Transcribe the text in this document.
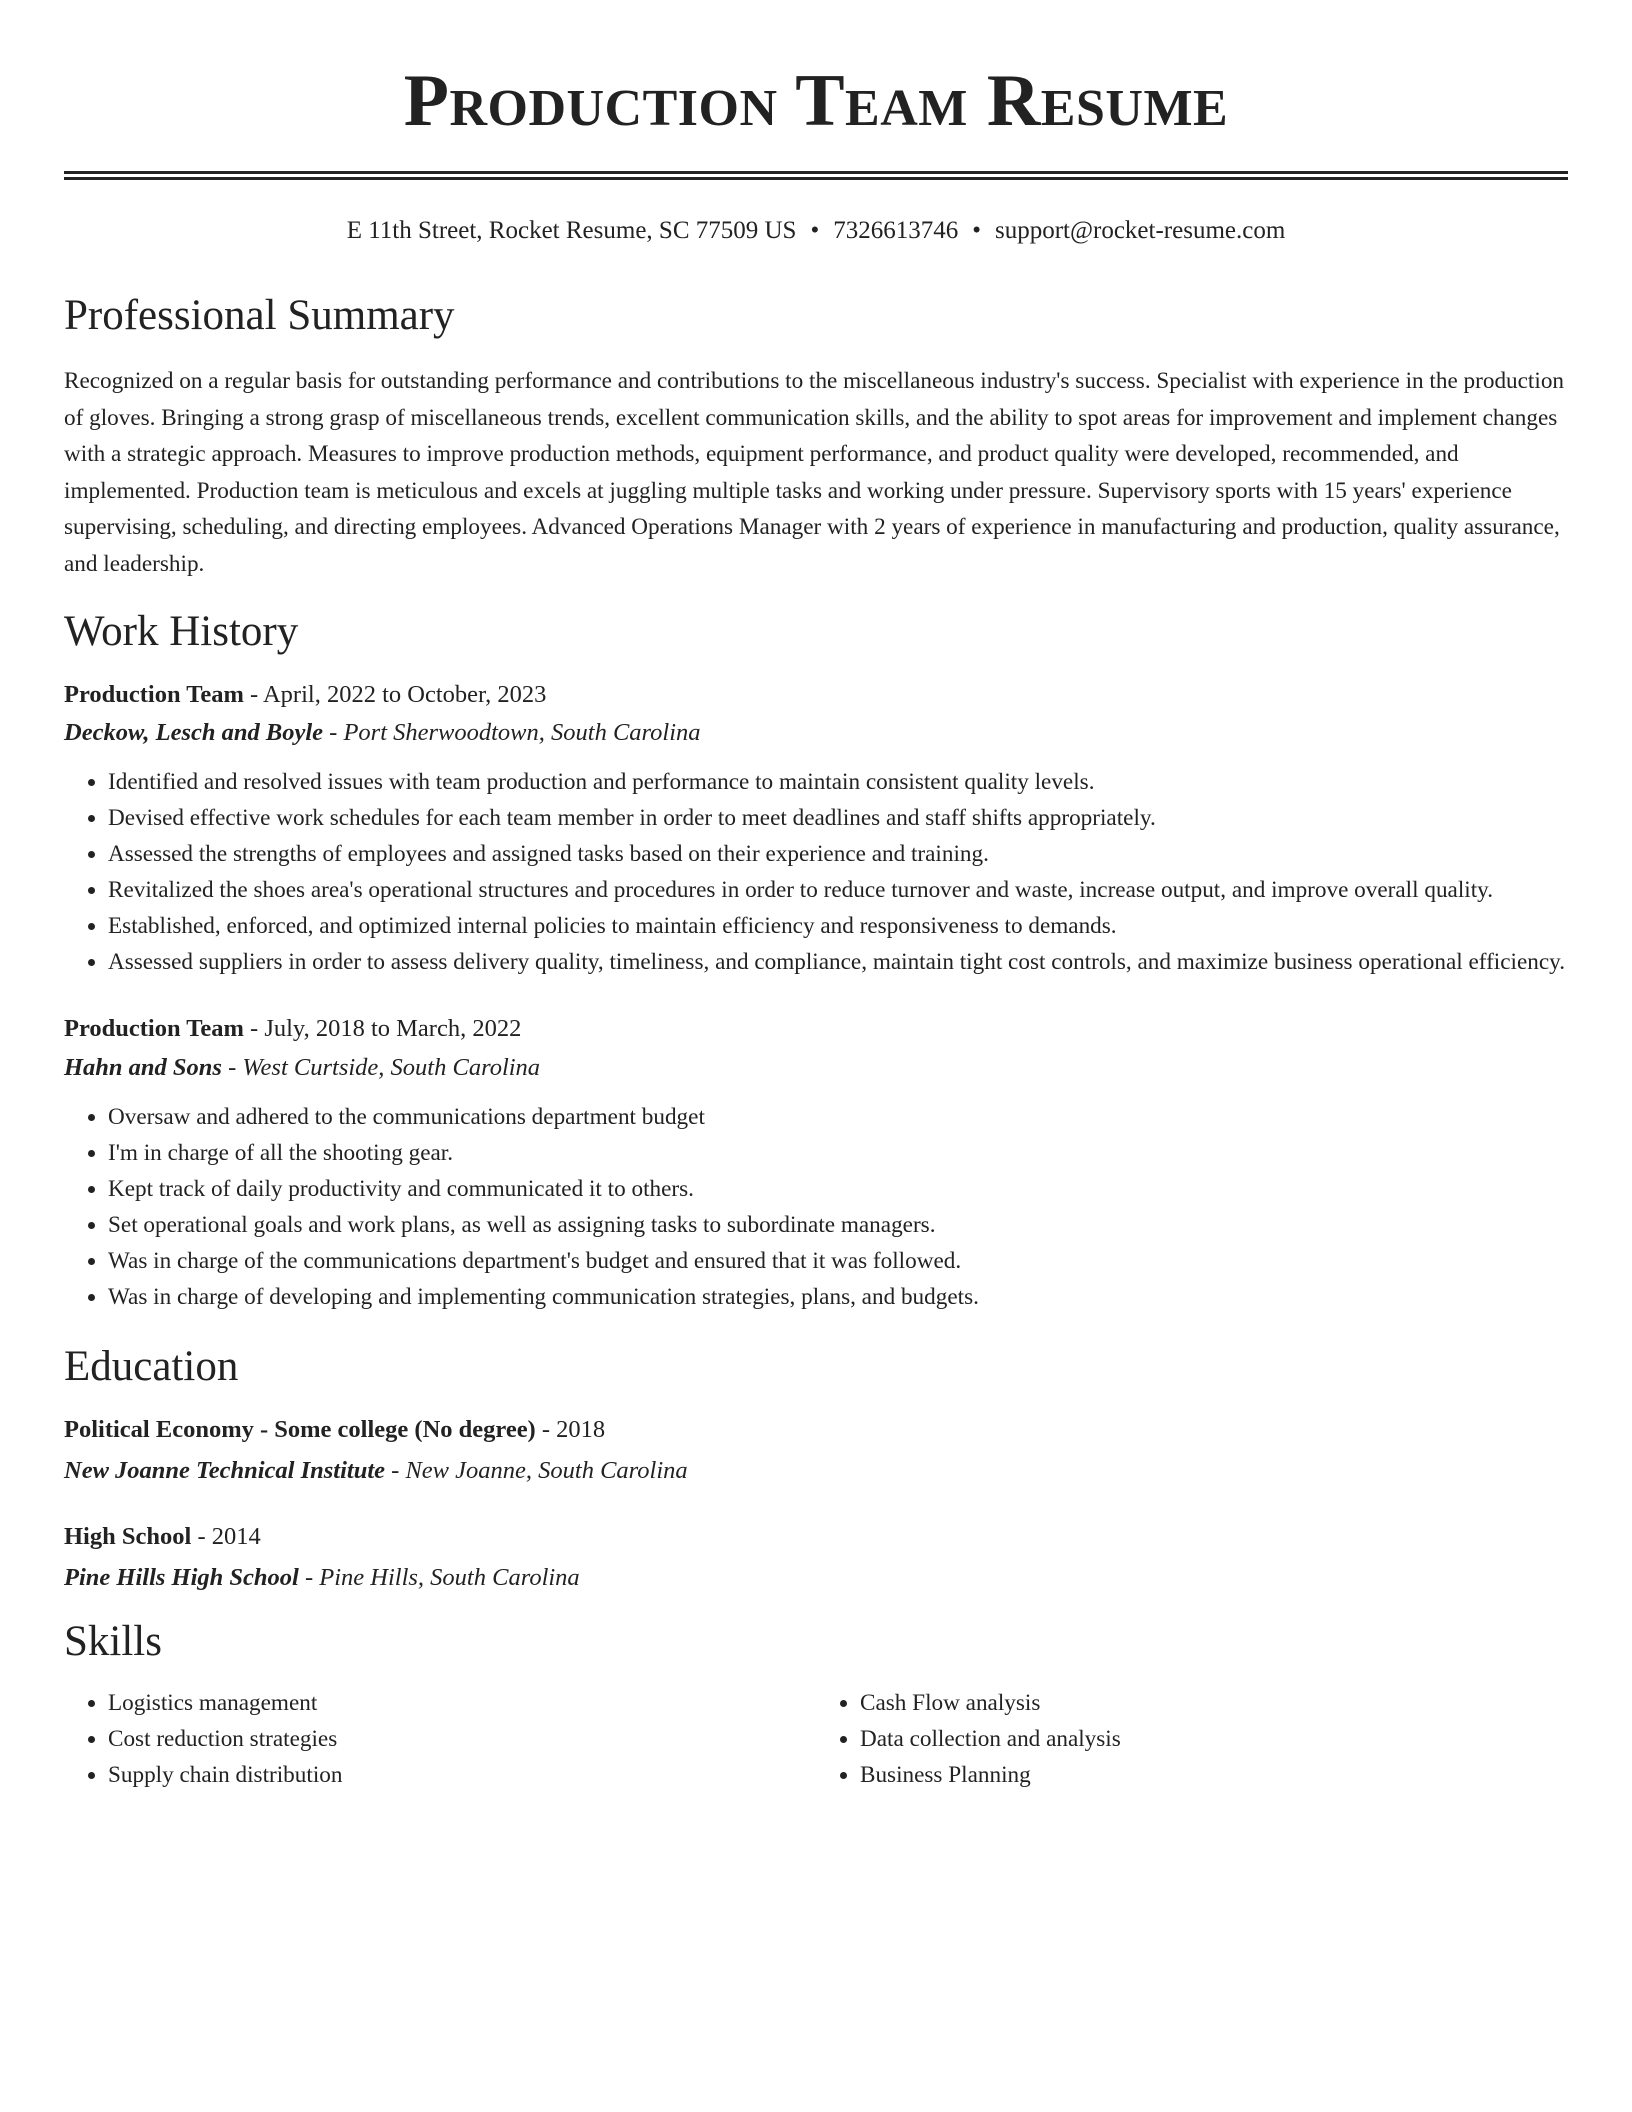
Production Team Resume
E 11th Street, Rocket Resume, SC 77509 US • 7326613746 • support@rocket-resume.com
Professional Summary

Recognized on a regular basis for outstanding performance and contributions to the miscellaneous industry's success. Specialist with experience in the production of gloves. Bringing a strong grasp of miscellaneous trends, excellent communication skills, and the ability to spot areas for improvement and implement changes with a strategic approach. Measures to improve production methods, equipment performance, and product quality were developed, recommended, and implemented. Production team is meticulous and excels at juggling multiple tasks and working under pressure. Supervisory sports with 15 years' experience supervising, scheduling, and directing employees. Advanced Operations Manager with 2 years of experience in manufacturing and production, quality assurance, and leadership.

Work History
Production Team - April, 2022 to October, 2023
Deckow, Lesch and Boyle - Port Sherwoodtown, South Carolina
• Identified and resolved issues with team production and performance to maintain consistent quality levels.
• Devised effective work schedules for each team member in order to meet deadlines and staff shifts appropriately.
• Assessed the strengths of employees and assigned tasks based on their experience and training.
• Revitalized the shoes area's operational structures and procedures in order to reduce turnover and waste, increase output, and improve overall quality.
• Established, enforced, and optimized internal policies to maintain efficiency and responsiveness to demands.
• Assessed suppliers in order to assess delivery quality, timeliness, and compliance, maintain tight cost controls, and maximize business operational efficiency.
Production Team - July, 2018 to March, 2022
Hahn and Sons - West Curtside, South Carolina
• Oversaw and adhered to the communications department budget
• I'm in charge of all the shooting gear.
• Kept track of daily productivity and communicated it to others.
• Set operational goals and work plans, as well as assigning tasks to subordinate managers.
• Was in charge of the communications department's budget and ensured that it was followed.
• Was in charge of developing and implementing communication strategies, plans, and budgets.
Education
Political Economy - Some college (No degree) - 2018
New Joanne Technical Institute - New Joanne, South Carolina
High School - 2014
Pine Hills High School - Pine Hills, South Carolina
Skills
• Logistics management
• Cost reduction strategies
• Supply chain distribution
• Cash Flow analysis
• Data collection and analysis
• Business Planning
